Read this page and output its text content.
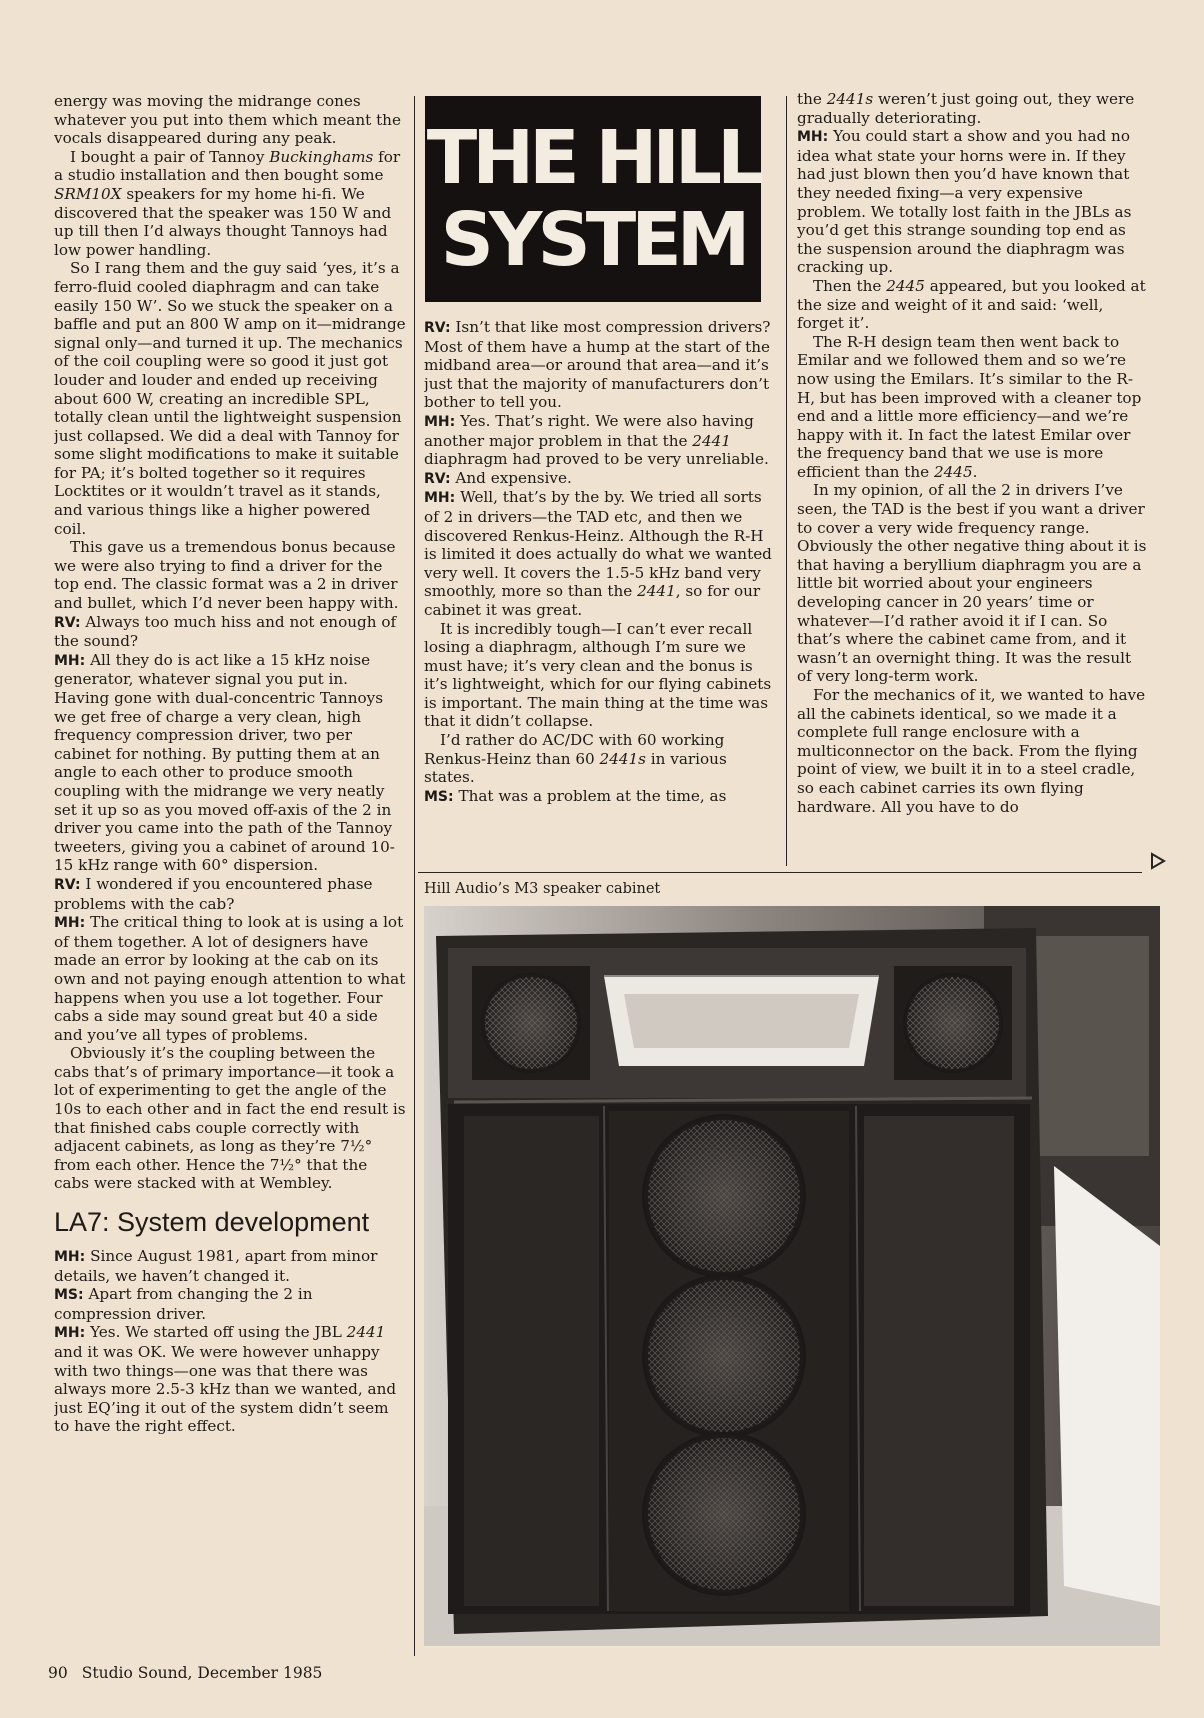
energy was moving the midrange cones whatever you put into them which meant the vocals disappeared during any peak.

I bought a pair of Tannoy Buckinghams for a studio installation and then bought some SRM10X speakers for my home hi-fi. We discovered that the speaker was 150 W and up till then I’d always thought Tannoys had low power handling.

So I rang them and the guy said ‘yes, it’s a ferro-fluid cooled diaphragm and can take easily 150 W’. So we stuck the speaker on a baffle and put an 800 W amp on it—midrange signal only—and turned it up. The mechanics of the coil coupling were so good it just got louder and louder and ended up receiving about 600 W, creating an incredible SPL, totally clean until the lightweight suspension just collapsed. We did a deal with Tannoy for some slight modifications to make it suitable for PA; it’s bolted together so it requires Locktites or it wouldn’t travel as it stands, and various things like a higher powered coil.

This gave us a tremendous bonus because we were also trying to find a driver for the top end. The classic format was a 2 in driver and bullet, which I’d never been happy with.

RV: Always too much hiss and not enough of the sound?

MH: All they do is act like a 15 kHz noise generator, whatever signal you put in. Having gone with dual-concentric Tannoys we get free of charge a very clean, high frequency compression driver, two per cabinet for nothing. By putting them at an angle to each other to produce smooth coupling with the midrange we very neatly set it up so as you moved off-axis of the 2 in driver you came into the path of the Tannoy tweeters, giving you a cabinet of around 10-15 kHz range with 60° dispersion.

RV: I wondered if you encountered phase problems with the cab?

MH: The critical thing to look at is using a lot of them together. A lot of designers have made an error by looking at the cab on its own and not paying enough attention to what happens when you use a lot together. Four cabs a side may sound great but 40 a side and you’ve all types of problems.

Obviously it’s the coupling between the cabs that’s of primary importance—it took a lot of experimenting to get the angle of the 10s to each other and in fact the end result is that finished cabs couple correctly with adjacent cabinets, as long as they’re 7½° from each other. Hence the 7½° that the cabs were stacked with at Wembley.

LA7: System development

MH: Since August 1981, apart from minor details, we haven’t changed it.

MS: Apart from changing the 2 in compression driver.

MH: Yes. We started off using the JBL 2441 and it was OK. We were however unhappy with two things—one was that there was always more 2.5-3 kHz than we wanted, and just EQ’ing it out of the system didn’t seem to have the right effect.

THE HILL
SYSTEM

RV: Isn’t that like most compression drivers? Most of them have a hump at the start of the midband area—or around that area—and it’s just that the majority of manufacturers don’t bother to tell you.

MH: Yes. That’s right. We were also having another major problem in that the 2441 diaphragm had proved to be very unreliable.

RV: And expensive.

MH: Well, that’s by the by. We tried all sorts of 2 in drivers—the TAD etc, and then we discovered Renkus-Heinz. Although the R-H is limited it does actually do what we wanted very well. It covers the 1.5-5 kHz band very smoothly, more so than the 2441, so for our cabinet it was great.

It is incredibly tough—I can’t ever recall losing a diaphragm, although I’m sure we must have; it’s very clean and the bonus is it’s lightweight, which for our flying cabinets is important. The main thing at the time was that it didn’t collapse.

I’d rather do AC/DC with 60 working Renkus-Heinz than 60 2441s in various states.

MS: That was a problem at the time, as

the 2441s weren’t just going out, they were gradually deteriorating.

MH: You could start a show and you had no idea what state your horns were in. If they had just blown then you’d have known that they needed fixing—a very expensive problem. We totally lost faith in the JBLs as you’d get this strange sounding top end as the suspension around the diaphragm was cracking up.

Then the 2445 appeared, but you looked at the size and weight of it and said: ‘well, forget it’.

The R-H design team then went back to Emilar and we followed them and so we’re now using the Emilars. It’s similar to the R-H, but has been improved with a cleaner top end and a little more efficiency—and we’re happy with it. In fact the latest Emilar over the frequency band that we use is more efficient than the 2445.

In my opinion, of all the 2 in drivers I’ve seen, the TAD is the best if you want a driver to cover a very wide frequency range. Obviously the other negative thing about it is that having a beryllium diaphragm you are a little bit worried about your engineers developing cancer in 20 years’ time or whatever—I’d rather avoid it if I can. So that’s where the cabinet came from, and it wasn’t an overnight thing. It was the result of very long-term work.

For the mechanics of it, we wanted to have all the cabinets identical, so we made it a complete full range enclosure with a multiconnector on the back. From the flying point of view, we built it in to a steel cradle, so each cabinet carries its own flying hardware. All you have to do

Hill Audio’s M3 speaker cabinet
90 Studio Sound, December 1985
